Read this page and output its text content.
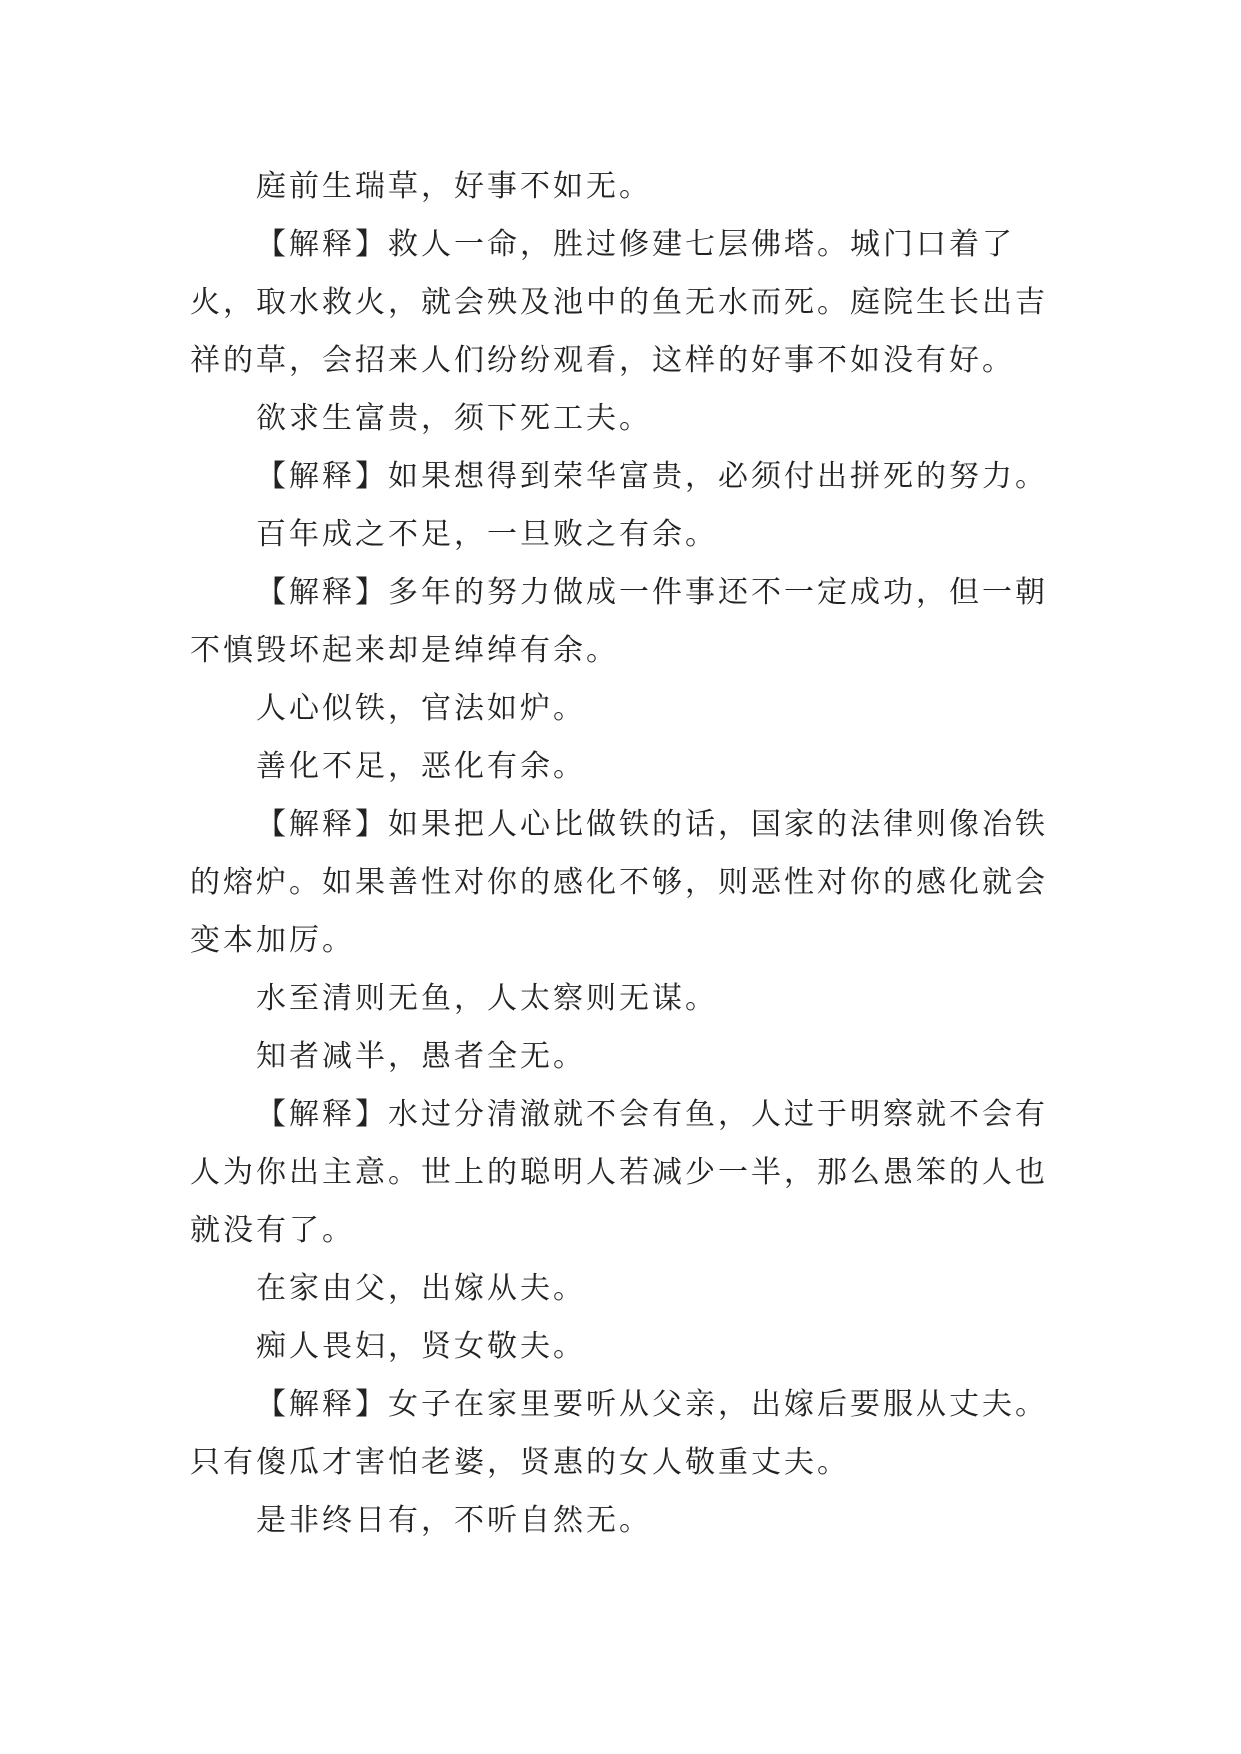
庭前生瑞草，好事不如无。

【解释】救人一命，胜过修建七层佛塔。城门口着了火，取水救火，就会殃及池中的鱼无水而死。庭院生长出吉祥的草，会招来人们纷纷观看，这样的好事不如没有好。

欲求生富贵，须下死工夫。

【解释】如果想得到荣华富贵，必须付出拼死的努力。

百年成之不足，一旦败之有余。

【解释】多年的努力做成一件事还不一定成功，但一朝不慎毁坏起来却是绰绰有余。

人心似铁，官法如炉。

善化不足，恶化有余。

【解释】如果把人心比做铁的话，国家的法律则像冶铁的熔炉。如果善性对你的感化不够，则恶性对你的感化就会变本加厉。

水至清则无鱼，人太察则无谋。

知者减半，愚者全无。

【解释】水过分清澈就不会有鱼，人过于明察就不会有人为你出主意。世上的聪明人若减少一半，那么愚笨的人也就没有了。

在家由父，出嫁从夫。

痴人畏妇，贤女敬夫。

【解释】女子在家里要听从父亲，出嫁后要服从丈夫。只有傻瓜才害怕老婆，贤惠的女人敬重丈夫。

是非终日有，不听自然无。
